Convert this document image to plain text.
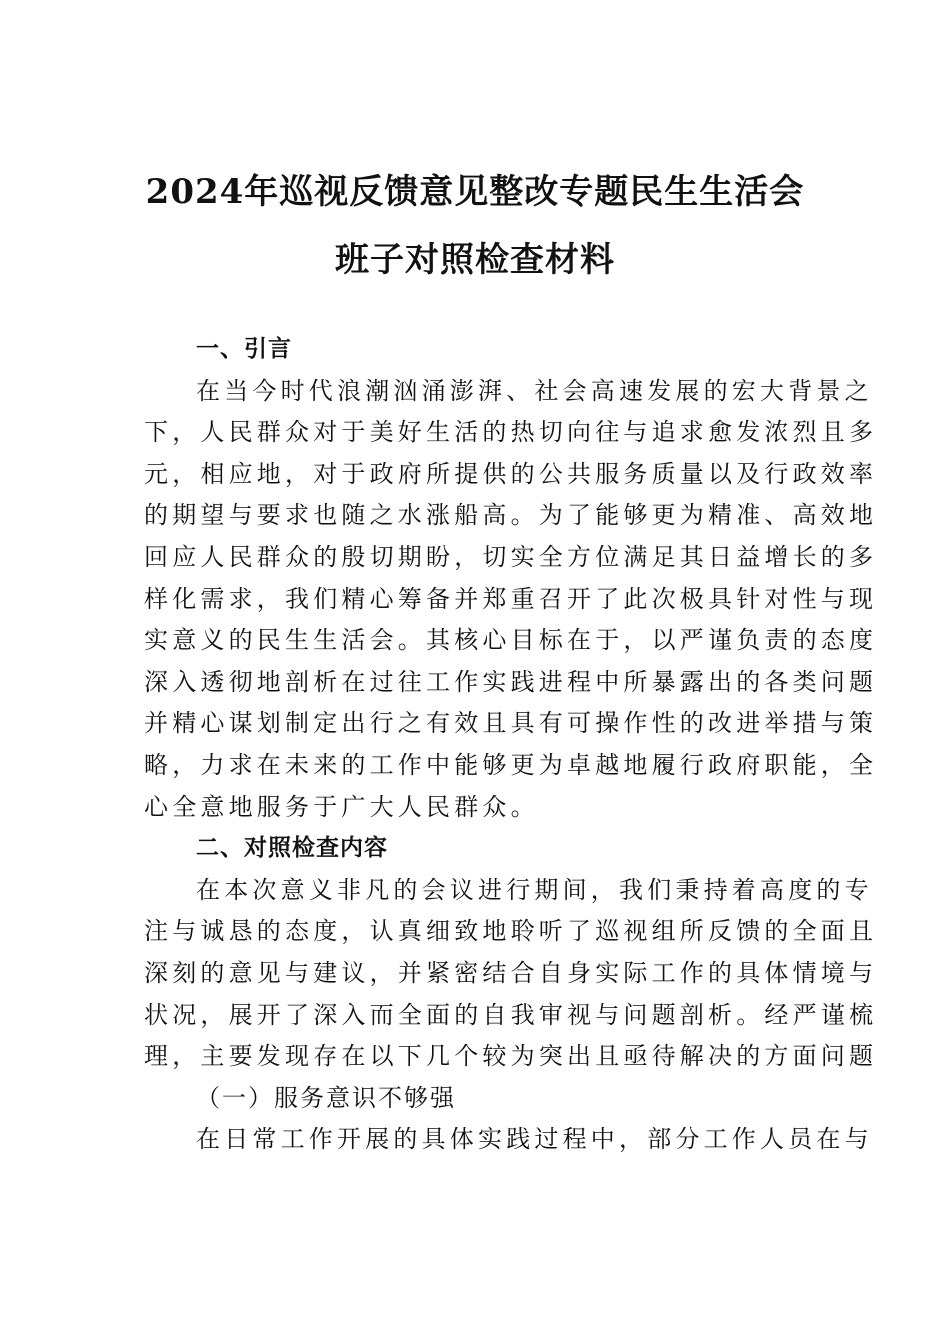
2024年巡视反馈意见整改专题民生生活会
班子对照检查材料
一、引言
在当今时代浪潮汹涌澎湃、社会高速发展的宏大背景之
下，人民群众对于美好生活的热切向往与追求愈发浓烈且多
元，相应地，对于政府所提供的公共服务质量以及行政效率
的期望与要求也随之水涨船高。为了能够更为精准、高效地
回应人民群众的殷切期盼，切实全方位满足其日益增长的多
样化需求，我们精心筹备并郑重召开了此次极具针对性与现
实意义的民生生活会。其核心目标在于，以严谨负责的态度
深入透彻地剖析在过往工作实践进程中所暴露出的各类问题
并精心谋划制定出行之有效且具有可操作性的改进举措与策
略，力求在未来的工作中能够更为卓越地履行政府职能，全
心全意地服务于广大人民群众。
二、对照检查内容
在本次意义非凡的会议进行期间，我们秉持着高度的专
注与诚恳的态度，认真细致地聆听了巡视组所反馈的全面且
深刻的意见与建议，并紧密结合自身实际工作的具体情境与
状况，展开了深入而全面的自我审视与问题剖析。经严谨梳
理，主要发现存在以下几个较为突出且亟待解决的方面问题
（一）服务意识不够强
在日常工作开展的具体实践过程中，部分工作人员在与
